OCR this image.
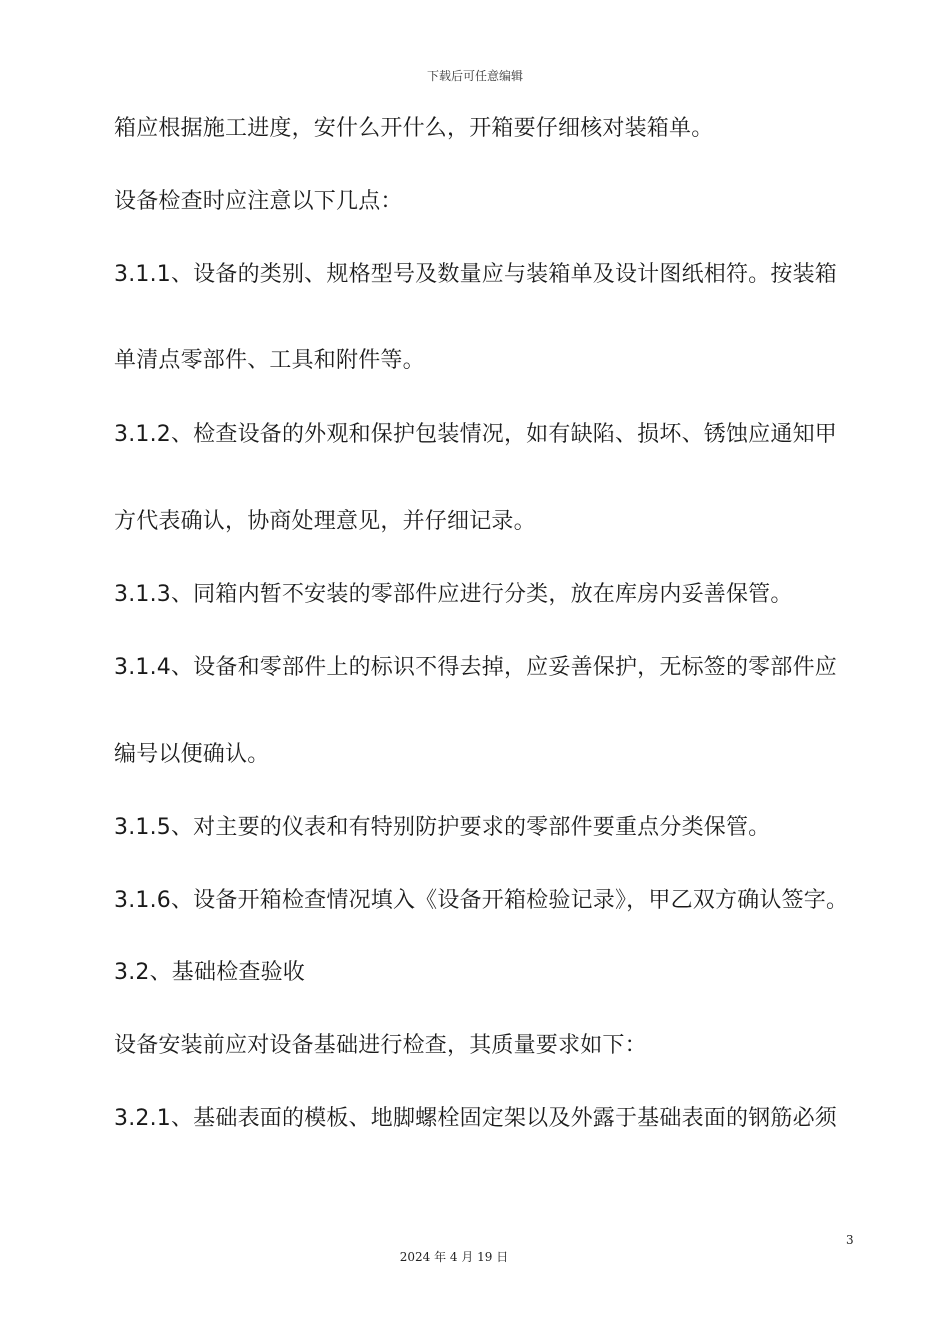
下载后可任意编辑
箱应根据施工进度，安什么开什么，开箱要仔细核对装箱单。
设备检查时应注意以下几点：
3.1.1、设备的类别、规格型号及数量应与装箱单及设计图纸相符。按装箱
单清点零部件、工具和附件等。
3.1.2、检查设备的外观和保护包装情况，如有缺陷、损坏、锈蚀应通知甲
方代表确认，协商处理意见，并仔细记录。
3.1.3、同箱内暂不安装的零部件应进行分类，放在库房内妥善保管。
3.1.4、设备和零部件上的标识不得去掉，应妥善保护，无标签的零部件应
编号以便确认。
3.1.5、对主要的仪表和有特别防护要求的零部件要重点分类保管。
3.1.6、设备开箱检查情况填入《设备开箱检验记录》，甲乙双方确认签字。
3.2、基础检查验收
设备安装前应对设备基础进行检查，其质量要求如下：
3.2.1、基础表面的模板、地脚螺栓固定架以及外露于基础表面的钢筋必须
3
2024 年 4 月 19 日
